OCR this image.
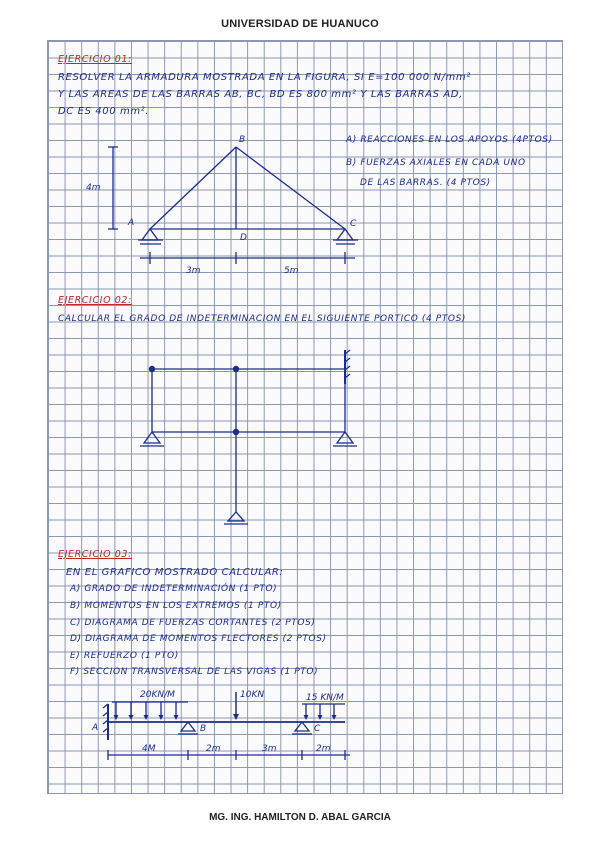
UNIVERSIDAD DE HUANUCO
EJERCICIO 01:
RESOLVER LA ARMADURA MOSTRADA EN LA FIGURA, SI E=100 000 N/mm²
Y LAS AREAS DE LAS BARRAS AB, BC, BD ES 800 mm² Y LAS BARRAS AD,
DC ES 400 mm².
A) REACCIONES EN LOS APOYOS (4PTOS)
B) FUERZAS AXIALES EN CADA UNO
DE LAS BARRAS. (4 PTOS)
EJERCICIO 02:
CALCULAR EL GRADO DE INDETERMINACION EN EL SIGUIENTE PORTICO (4 PTOS)
EJERCICIO 03:
EN EL GRAFICO MOSTRADO CALCULAR:
A) GRADO DE INDETERMINACIÓN (1 PTO)
B) MOMENTOS EN LOS EXTREMOS (1 PTO)
C) DIAGRAMA DE FUERZAS CORTANTES (2 PTOS)
D) DIAGRAMA DE MOMENTOS FLECTORES (2 PTOS)
E) REFUERZO (1 PTO)
F) SECCION TRANSVERSAL DE LAS VIGAS (1 PTO)
A
B
C
D
4m
3m	5m
20KN/M	10KN	15 KN/M
A	B	C
4M	2m	3m	2m
MG. ING. HAMILTON D. ABAL GARCIA
